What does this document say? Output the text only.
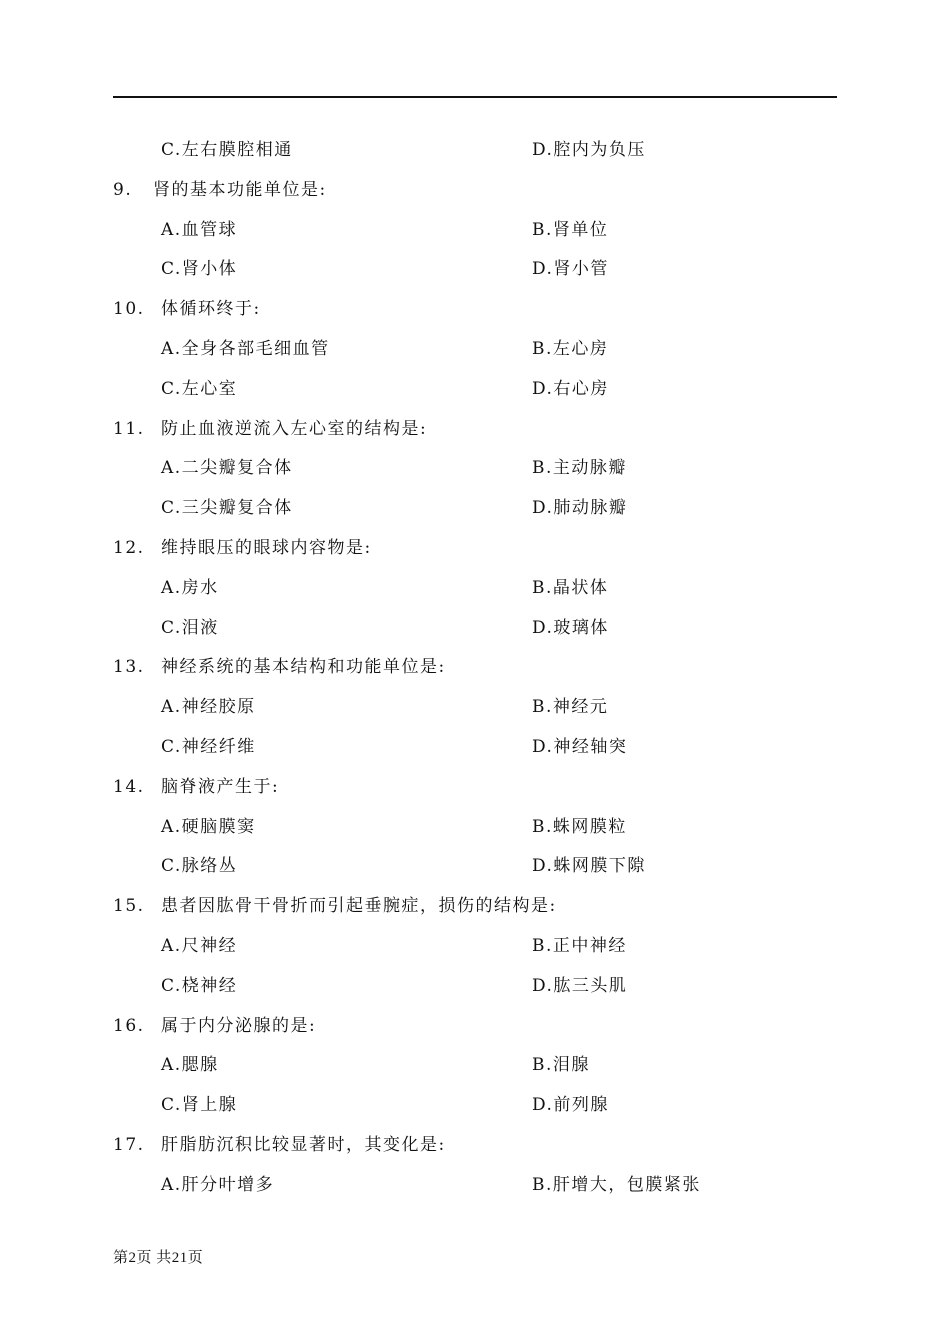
C.左右膜腔相通	D.腔内为负压
9. 肾的基本功能单位是:
A.血管球	B.肾单位
C.肾小体	D.肾小管
10. 体循环终于:
A.全身各部毛细血管	B.左心房
C.左心室	D.右心房
11. 防止血液逆流入左心室的结构是:
A.二尖瓣复合体	B.主动脉瓣
C.三尖瓣复合体	D.肺动脉瓣
12. 维持眼压的眼球内容物是:
A.房水	B.晶状体
C.泪液	D.玻璃体
13. 神经系统的基本结构和功能单位是:
A.神经胶原	B.神经元
C.神经纤维	D.神经轴突
14. 脑脊液产生于:
A.硬脑膜窦	B.蛛网膜粒
C.脉络丛	D.蛛网膜下隙
15. 患者因肱骨干骨折而引起垂腕症，损伤的结构是:
A.尺神经	B.正中神经
C.桡神经	D.肱三头肌
16. 属于内分泌腺的是:
A.腮腺	B.泪腺
C.肾上腺	D.前列腺
17. 肝脂肪沉积比较显著时，其变化是:
A.肝分叶增多	B.肝增大，包膜紧张
第2页 共21页
